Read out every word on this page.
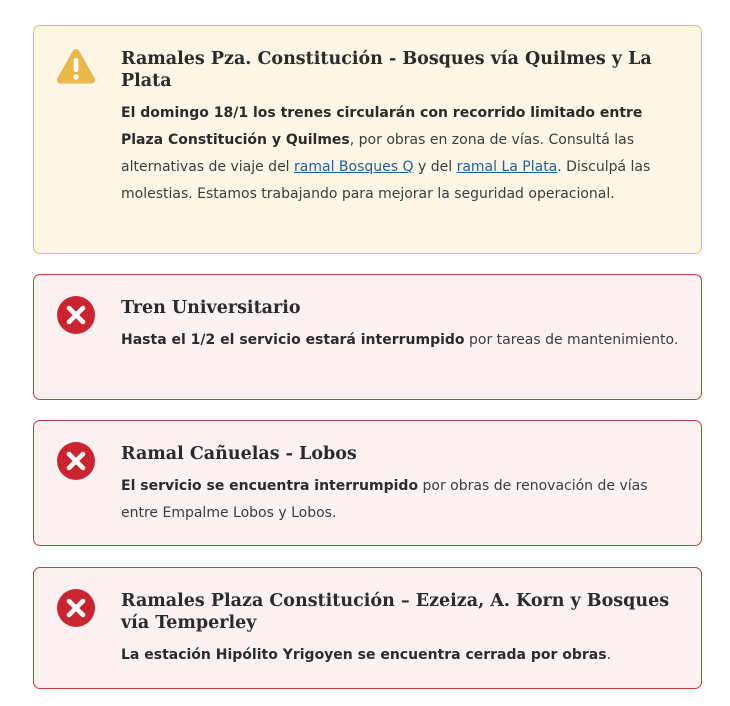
Ramales Pza. Constitución - Bosques vía Quilmes y La Plata

El domingo 18/1 los trenes circularán con recorrido limitado entre Plaza Constitución y Quilmes, por obras en zona de vías. Consultá las alternativas de viaje del ramal Bosques Q y del ramal La Plata. Disculpá las molestias. Estamos trabajando para mejorar la seguridad operacional.

Tren Universitario

Hasta el 1/2 el servicio estará interrumpido por tareas de mantenimiento.

Ramal Cañuelas - Lobos

El servicio se encuentra interrumpido por obras de renovación de vías entre Empalme Lobos y Lobos.

Ramales Plaza Constitución – Ezeiza, A. Korn y Bosques vía Temperley

La estación Hipólito Yrigoyen se encuentra cerrada por obras.
